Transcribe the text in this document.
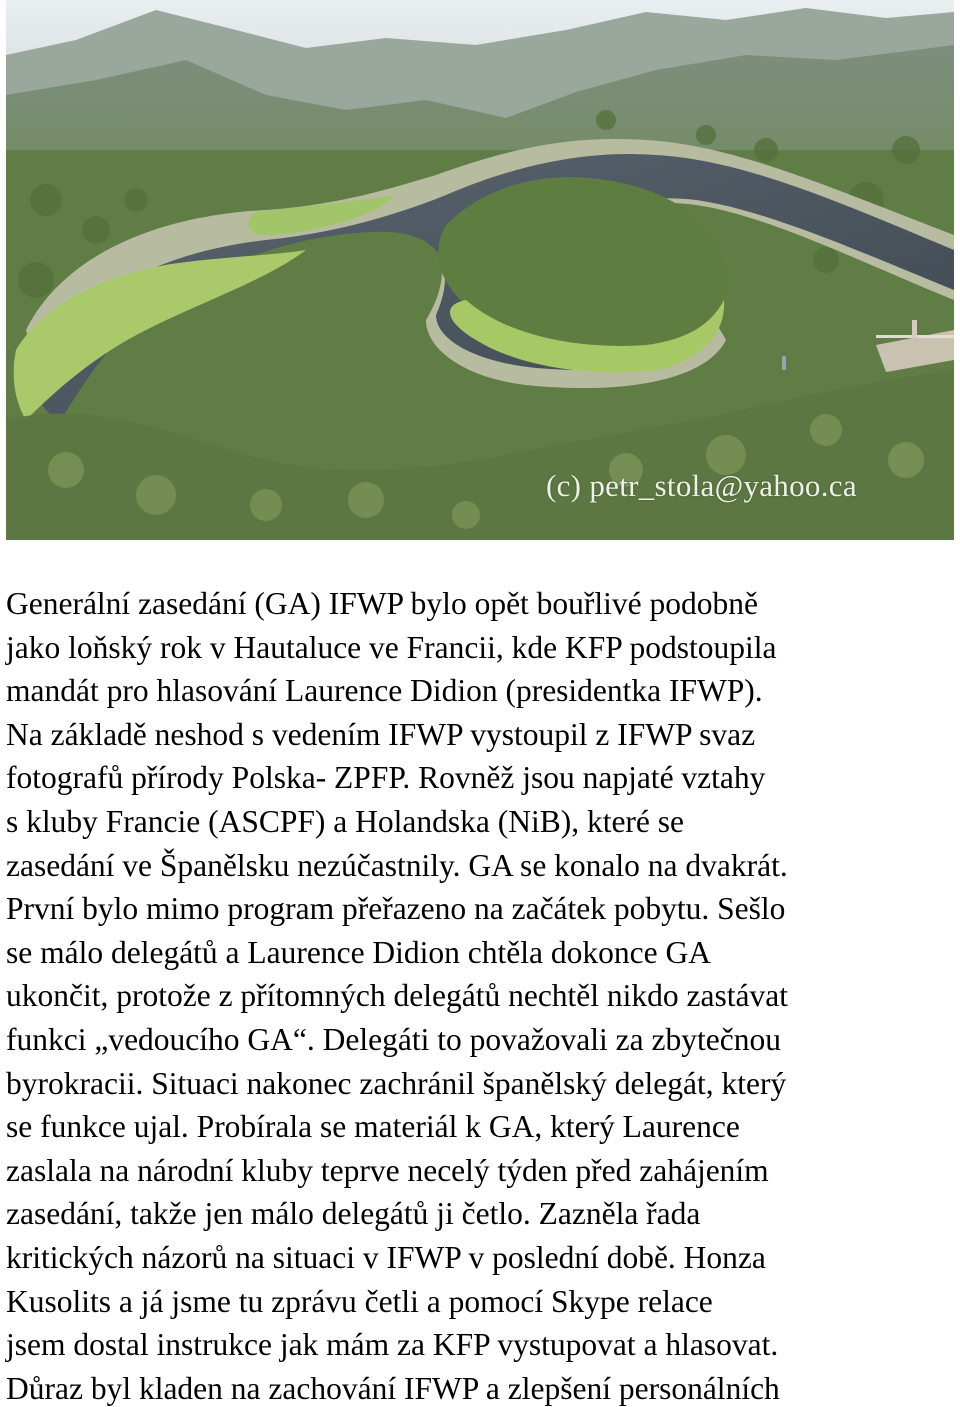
(c) petr_stola@yahoo.ca
Generální zasedání (GA) IFWP bylo opět bouřlivé podobně
jako loňský rok v Hautaluce ve Francii, kde KFP podstoupila
mandát pro hlasování Laurence Didion (presidentka IFWP).
Na základě neshod s vedením IFWP vystoupil z IFWP svaz
fotografů přírody Polska- ZPFP. Rovněž jsou napjaté vztahy
s kluby Francie (ASCPF) a Holandska (NiB), které se
zasedání ve Španělsku nezúčastnily. GA se konalo na dvakrát.
První bylo mimo program přeřazeno na začátek pobytu. Sešlo
se málo delegátů a Laurence Didion chtěla dokonce GA
ukončit, protože z přítomných delegátů nechtěl nikdo zastávat
funkci „vedoucího GA“. Delegáti to považovali za zbytečnou
byrokracii. Situaci nakonec zachránil španělský delegát, který
se funkce ujal. Probírala se materiál k GA, který Laurence
zaslala na národní kluby teprve necelý týden před zahájením
zasedání, takže jen málo delegátů ji četlo. Zazněla řada
kritických názorů na situaci v IFWP v poslední době. Honza
Kusolits a já jsme tu zprávu četli a pomocí Skype relace
jsem dostal instrukce jak mám za KFP vystupovat a hlasovat.
Důraz byl kladen na zachování IFWP a zlepšení personálních
